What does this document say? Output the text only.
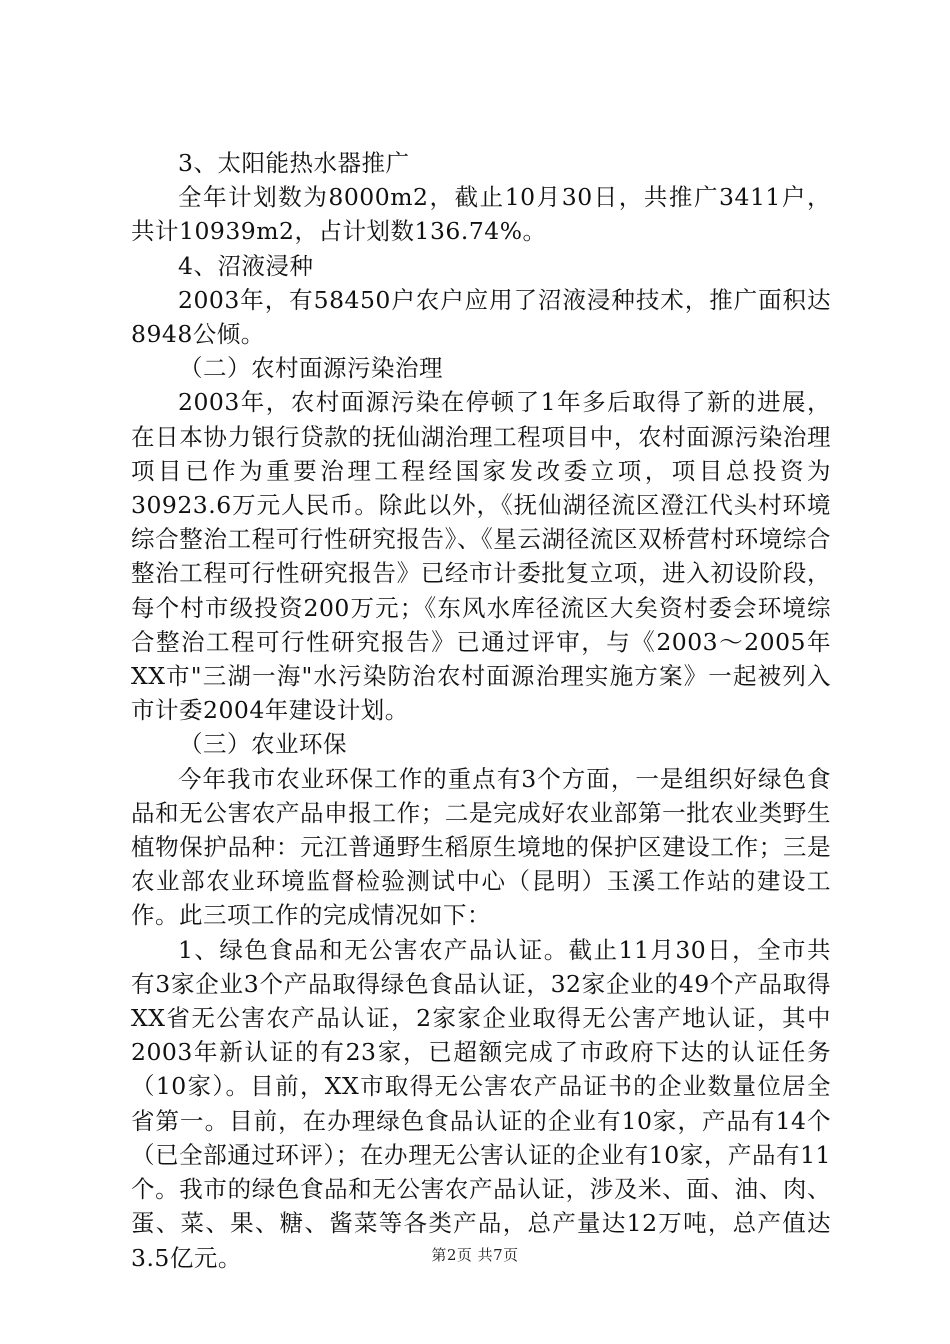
3、太阳能热水器推广

全年计划数为8000m2，截止10月30日，共推广3411户，共计10939m2，占计划数136.74%。

4、沼液浸种

2003年，有58450户农户应用了沼液浸种技术，推广面积达8948公倾。

（二）农村面源污染治理

2003年，农村面源污染在停顿了1年多后取得了新的进展，在日本协力银行贷款的抚仙湖治理工程项目中，农村面源污染治理项目已作为重要治理工程经国家发改委立项，项目总投资为30923.6万元人民币。除此以外，《抚仙湖径流区澄江代头村环境综合整治工程可行性研究报告》、《星云湖径流区双桥营村环境综合整治工程可行性研究报告》已经市计委批复立项，进入初设阶段，每个村市级投资200万元；《东风水库径流区大矣资村委会环境综合整治工程可行性研究报告》已通过评审，与《2003～2005年XX市"三湖一海"水污染防治农村面源治理实施方案》一起被列入市计委2004年建设计划。

（三）农业环保

今年我市农业环保工作的重点有3个方面，一是组织好绿色食品和无公害农产品申报工作；二是完成好农业部第一批农业类野生植物保护品种：元江普通野生稻原生境地的保护区建设工作；三是农业部农业环境监督检验测试中心（昆明）玉溪工作站的建设工作。此三项工作的完成情况如下：

1、绿色食品和无公害农产品认证。截止11月30日，全市共有3家企业3个产品取得绿色食品认证，32家企业的49个产品取得XX省无公害农产品认证，2家家企业取得无公害产地认证，其中2003年新认证的有23家，已超额完成了市政府下达的认证任务（10家）。目前，XX市取得无公害农产品证书的企业数量位居全省第一。目前，在办理绿色食品认证的企业有10家，产品有14个（已全部通过环评）；在办理无公害认证的企业有10家，产品有11个。我市的绿色食品和无公害农产品认证，涉及米、面、油、肉、蛋、菜、果、糖、酱菜等各类产品，总产量达12万吨，总产值达3.5亿元。	第2页 共7页
